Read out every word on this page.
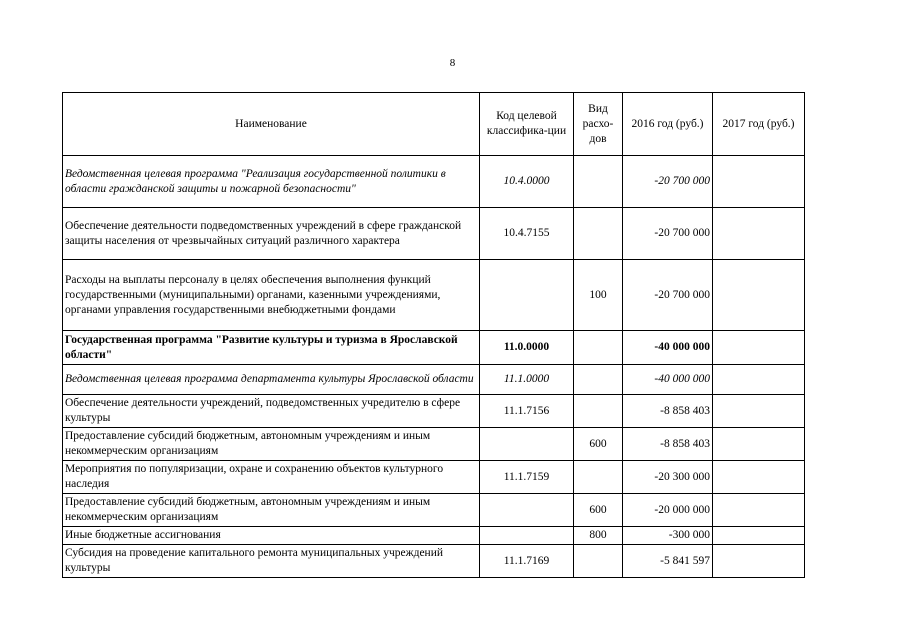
8
Наименование	Код целевой классифика-ции	Вид расхо-дов	2016 год (руб.)	2017 год (руб.)
Ведомственная целевая программа "Реализация государственной политики в области гражданской защиты и пожарной безопасности"	10.4.0000		-20 700 000	
Обеспечение деятельности подведомственных учреждений в сфере гражданской защиты населения от чрезвычайных ситуаций различного характера	10.4.7155		-20 700 000	
Расходы на выплаты персоналу в целях обеспечения выполнения функций государственными (муниципальными) органами, казенными учреждениями, органами управления государственными внебюджетными фондами		100	-20 700 000	
Государственная программа "Развитие культуры и туризма в Ярославской области"	11.0.0000		-40 000 000	
Ведомственная целевая программа департамента культуры Ярославской области	11.1.0000		-40 000 000	
Обеспечение деятельности учреждений, подведомственных учредителю в сфере культуры	11.1.7156		-8 858 403	
Предоставление субсидий бюджетным, автономным учреждениям и иным некоммерческим организациям		600	-8 858 403	
Мероприятия по популяризации, охране и сохранению объектов культурного наследия	11.1.7159		-20 300 000	
Предоставление субсидий бюджетным, автономным учреждениям и иным некоммерческим организациям		600	-20 000 000	
Иные бюджетные ассигнования		800	-300 000	
Субсидия на проведение капитального ремонта муниципальных учреждений культуры	11.1.7169		-5 841 597	
